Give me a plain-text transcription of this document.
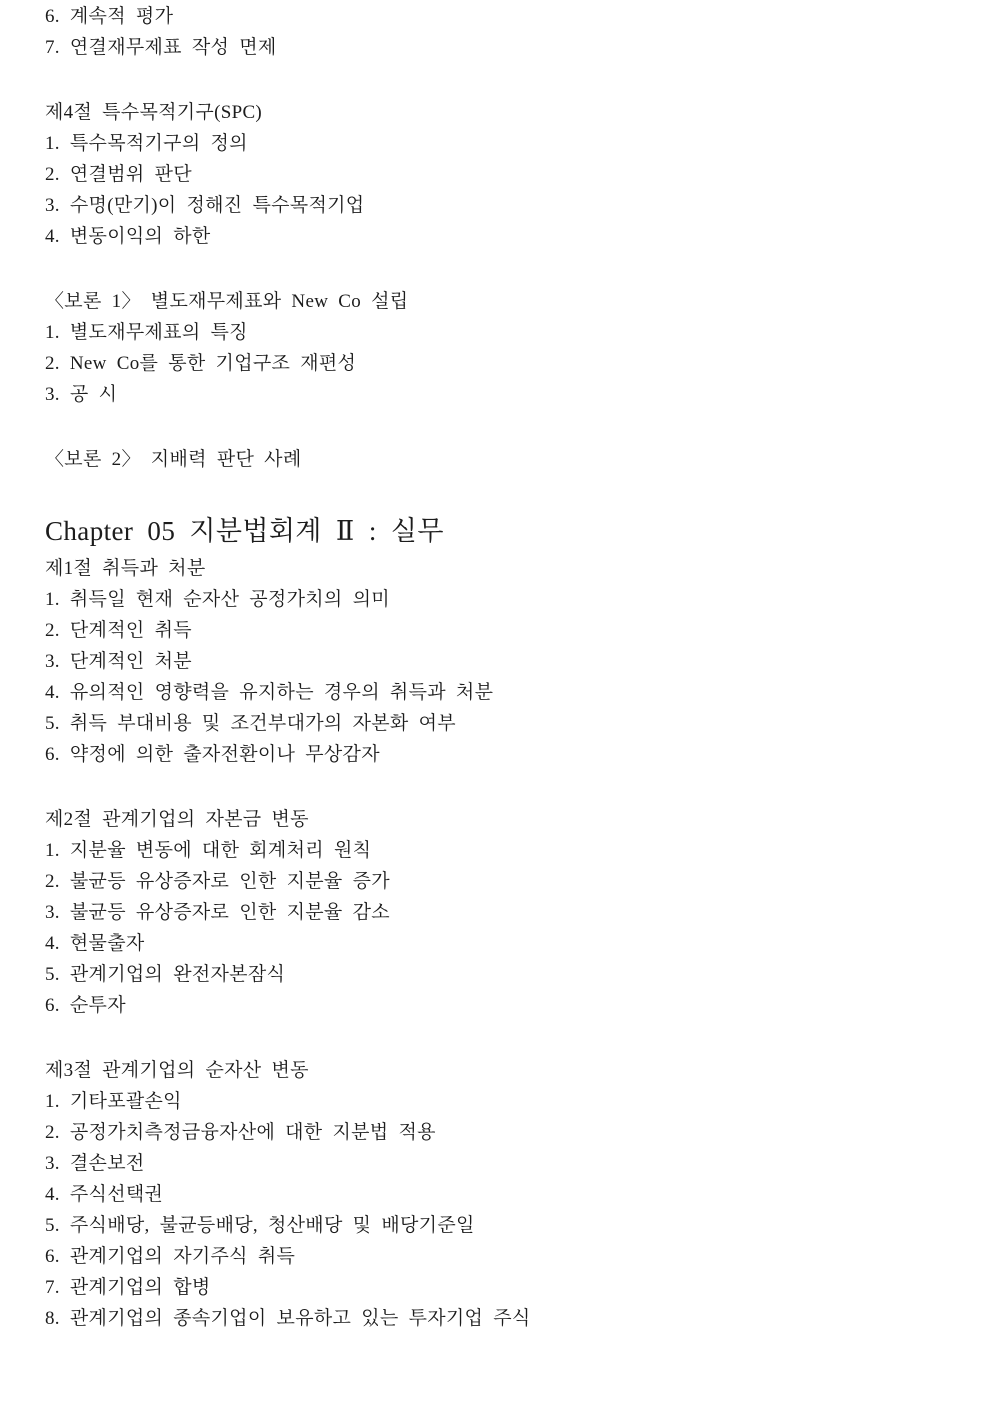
6. 계속적 평가

7. 연결재무제표 작성 면제

제4절 특수목적기구(SPC)

1. 특수목적기구의 정의

2. 연결범위 판단

3. 수명(만기)이 정해진 특수목적기업

4. 변동이익의 하한

〈보론 1〉 별도재무제표와 New Co 설립

1. 별도재무제표의 특징

2. New Co를 통한 기업구조 재편성

3. 공 시

〈보론 2〉 지배력 판단 사례

Chapter 05 지분법회계 Ⅱ : 실무

제1절 취득과 처분

1. 취득일 현재 순자산 공정가치의 의미

2. 단계적인 취득

3. 단계적인 처분

4. 유의적인 영향력을 유지하는 경우의 취득과 처분

5. 취득 부대비용 및 조건부대가의 자본화 여부

6. 약정에 의한 출자전환이나 무상감자

제2절 관계기업의 자본금 변동

1. 지분율 변동에 대한 회계처리 원칙

2. 불균등 유상증자로 인한 지분율 증가

3. 불균등 유상증자로 인한 지분율 감소

4. 현물출자

5. 관계기업의 완전자본잠식

6. 순투자

제3절 관계기업의 순자산 변동

1. 기타포괄손익

2. 공정가치측정금융자산에 대한 지분법 적용

3. 결손보전

4. 주식선택권

5. 주식배당, 불균등배당, 청산배당 및 배당기준일

6. 관계기업의 자기주식 취득

7. 관계기업의 합병

8. 관계기업의 종속기업이 보유하고 있는 투자기업 주식
